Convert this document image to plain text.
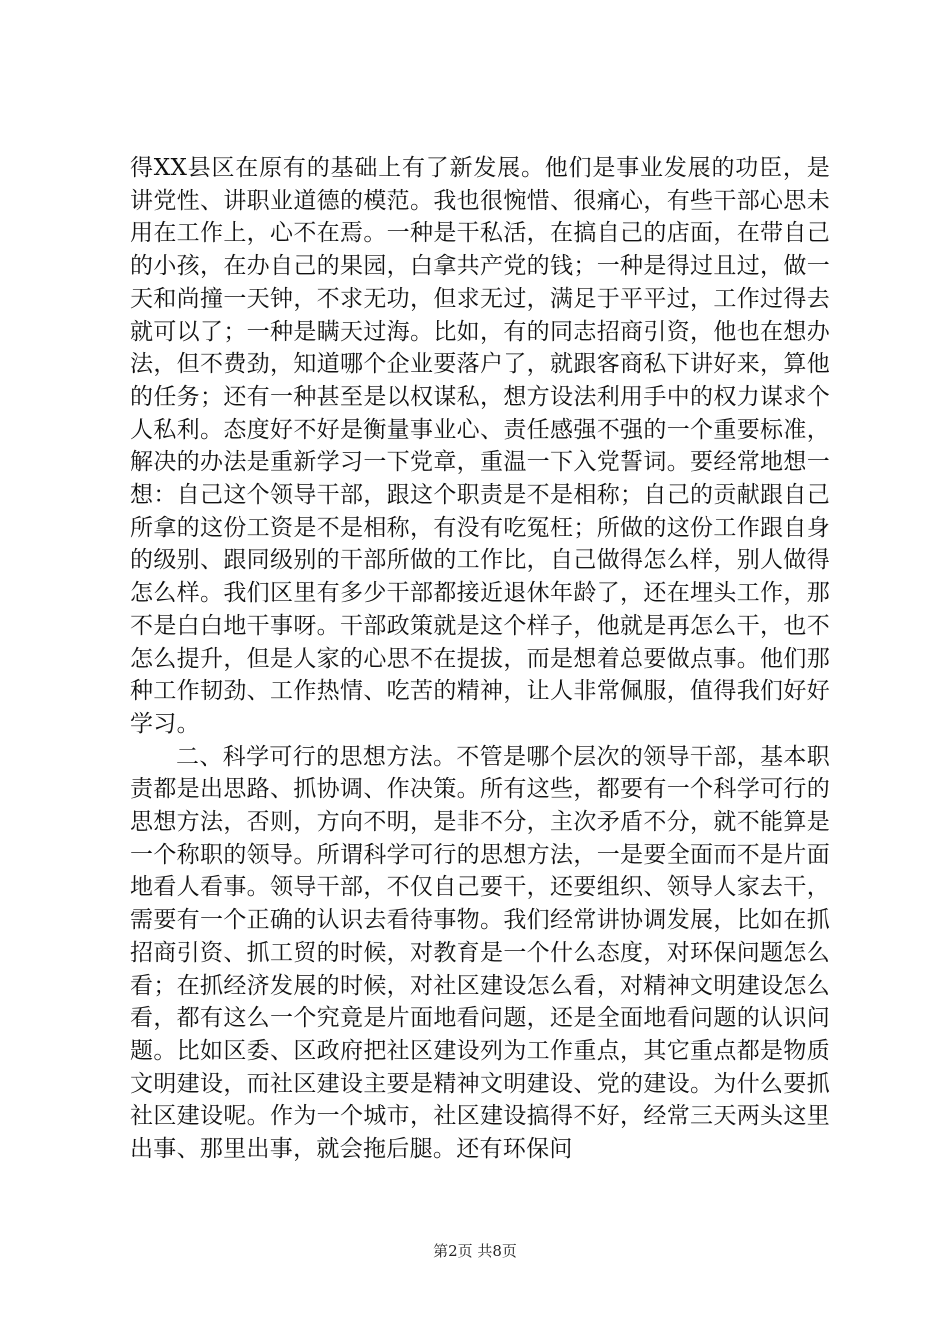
得XX县区在原有的基础上有了新发展。他们是事业发展的功臣，是讲党性、讲职业道德的模范。我也很惋惜、很痛心，有些干部心思未用在工作上，心不在焉。一种是干私活，在搞自己的店面，在带自己的小孩，在办自己的果园，白拿共产党的钱；一种是得过且过，做一天和尚撞一天钟，不求无功，但求无过，满足于平平过，工作过得去就可以了；一种是瞒天过海。比如，有的同志招商引资，他也在想办法，但不费劲，知道哪个企业要落户了，就跟客商私下讲好来，算他的任务；还有一种甚至是以权谋私，想方设法利用手中的权力谋求个人私利。态度好不好是衡量事业心、责任感强不强的一个重要标准，解决的办法是重新学习一下党章，重温一下入党誓词。要经常地想一想：自己这个领导干部，跟这个职责是不是相称；自己的贡献跟自己所拿的这份工资是不是相称，有没有吃冤枉；所做的这份工作跟自身的级别、跟同级别的干部所做的工作比，自己做得怎么样，别人做得怎么样。我们区里有多少干部都接近退休年龄了，还在埋头工作，那不是白白地干事呀。干部政策就是这个样子，他就是再怎么干，也不怎么提升，但是人家的心思不在提拔，而是想着总要做点事。他们那种工作韧劲、工作热情、吃苦的精神，让人非常佩服，值得我们好好学习。

二、科学可行的思想方法。不管是哪个层次的领导干部，基本职责都是出思路、抓协调、作决策。所有这些，都要有一个科学可行的思想方法，否则，方向不明，是非不分，主次矛盾不分，就不能算是一个称职的领导。所谓科学可行的思想方法，一是要全面而不是片面地看人看事。领导干部，不仅自己要干，还要组织、领导人家去干，需要有一个正确的认识去看待事物。我们经常讲协调发展，比如在抓招商引资、抓工贸的时候，对教育是一个什么态度，对环保问题怎么看；在抓经济发展的时候，对社区建设怎么看，对精神文明建设怎么看，都有这么一个究竟是片面地看问题，还是全面地看问题的认识问题。比如区委、区政府把社区建设列为工作重点，其它重点都是物质文明建设，而社区建设主要是精神文明建设、党的建设。为什么要抓社区建设呢。作为一个城市，社区建设搞得不好，经常三天两头这里出事、那里出事，就会拖后腿。还有环保问

第2页 共8页
